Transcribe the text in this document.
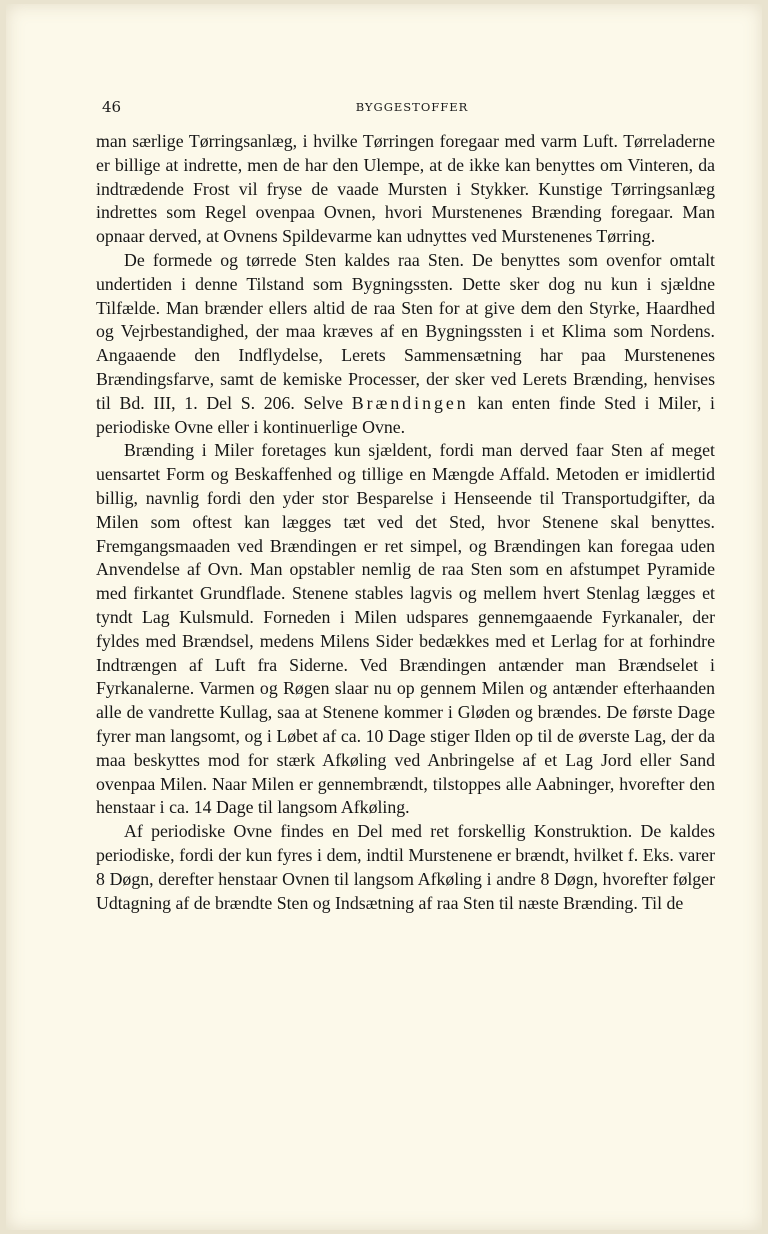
46	BYGGESTOFFER

man særlige Tørringsanlæg, i hvilke Tørringen foregaar med varm Luft. Tørreladerne er billige at indrette, men de har den Ulempe, at de ikke kan benyttes om Vinteren, da indtrædende Frost vil fryse de vaade Mursten i Stykker. Kunstige Tørringsanlæg indrettes som Regel ovenpaa Ovnen, hvori Murstenenes Brænding foregaar. Man opnaar derved, at Ovnens Spildevarme kan udnyttes ved Murstenenes Tørring.

De formede og tørrede Sten kaldes raa Sten. De benyttes som ovenfor omtalt undertiden i denne Tilstand som Bygningssten. Dette sker dog nu kun i sjældne Tilfælde. Man brænder ellers altid de raa Sten for at give dem den Styrke, Haardhed og Vejrbestandighed, der maa kræves af en Bygningssten i et Klima som Nordens. Angaaende den Indflydelse, Lerets Sammensætning har paa Murstenenes Brændingsfarve, samt de kemiske Processer, der sker ved Lerets Brænding, henvises til Bd. III, 1. Del S. 206. Selve Brændingen kan enten finde Sted i Miler, i periodiske Ovne eller i kontinuerlige Ovne.

Brænding i Miler foretages kun sjældent, fordi man derved faar Sten af meget uensartet Form og Beskaffenhed og tillige en Mængde Affald. Metoden er imidlertid billig, navnlig fordi den yder stor Besparelse i Henseende til Transportudgifter, da Milen som oftest kan lægges tæt ved det Sted, hvor Stenene skal benyttes. Fremgangsmaaden ved Brændingen er ret simpel, og Brændingen kan foregaa uden Anvendelse af Ovn. Man opstabler nemlig de raa Sten som en afstumpet Pyramide med firkantet Grundflade. Stenene stables lagvis og mellem hvert Stenlag lægges et tyndt Lag Kulsmuld. Forneden i Milen udspares gennemgaaende Fyrkanaler, der fyldes med Brændsel, medens Milens Sider bedækkes med et Lerlag for at forhindre Indtrængen af Luft fra Siderne. Ved Brændingen antænder man Brændselet i Fyrkanalerne. Varmen og Røgen slaar nu op gennem Milen og antænder efterhaanden alle de vandrette Kullag, saa at Stenene kommer i Gløden og brændes. De første Dage fyrer man langsomt, og i Løbet af ca. 10 Dage stiger Ilden op til de øverste Lag, der da maa beskyttes mod for stærk Afkøling ved Anbringelse af et Lag Jord eller Sand ovenpaa Milen. Naar Milen er gennembrændt, tilstoppes alle Aabninger, hvorefter den henstaar i ca. 14 Dage til langsom Afkøling.

Af periodiske Ovne findes en Del med ret forskellig Konstruktion. De kaldes periodiske, fordi der kun fyres i dem, indtil Murstenene er brændt, hvilket f. Eks. varer 8 Døgn, derefter henstaar Ovnen til langsom Afkøling i andre 8 Døgn, hvorefter følger Udtagning af de brændte Sten og Indsætning af raa Sten til næste Brænding. Til de
